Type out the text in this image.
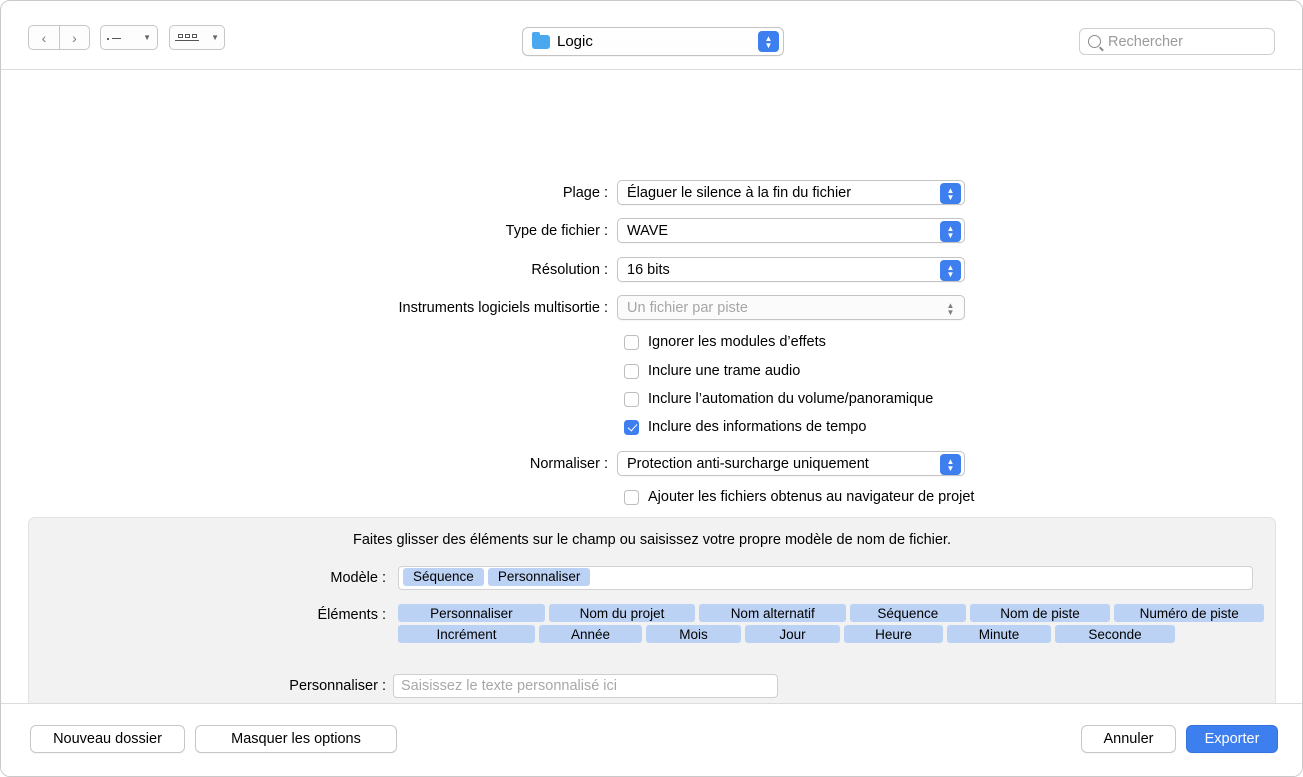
‹ ›	▼	▼	Logic	▲
▼	Rechercher
Plage : Élaguer le silence à la fin du fichier	▲
▼
Type de fichier : WAVE	▲
▼
Résolution : 16 bits	▲
▼
Instruments logiciels multisortie : Un fichier par piste	▲
▼
Ignorer les modules d’effets
Inclure une trame audio
Inclure l’automation du volume/panoramique
Inclure des informations de tempo
Normaliser : Protection anti-surcharge uniquement	▲
▼
Ajouter les fichiers obtenus au navigateur de projet
Faites glisser des éléments sur le champ ou saisissez votre propre modèle de nom de fichier.
Modèle :	Séquence	Personnaliser
Éléments :	Personnaliser	Nom du projet	Nom alternatif	Séquence	Nom de piste	Numéro de piste
Incrément	Année	Mois	Jour	Heure	Minute	Seconde
Personnaliser : Saisissez le texte personnalisé ici
Nouveau dossier	Masquer les options	Annuler	Exporter
